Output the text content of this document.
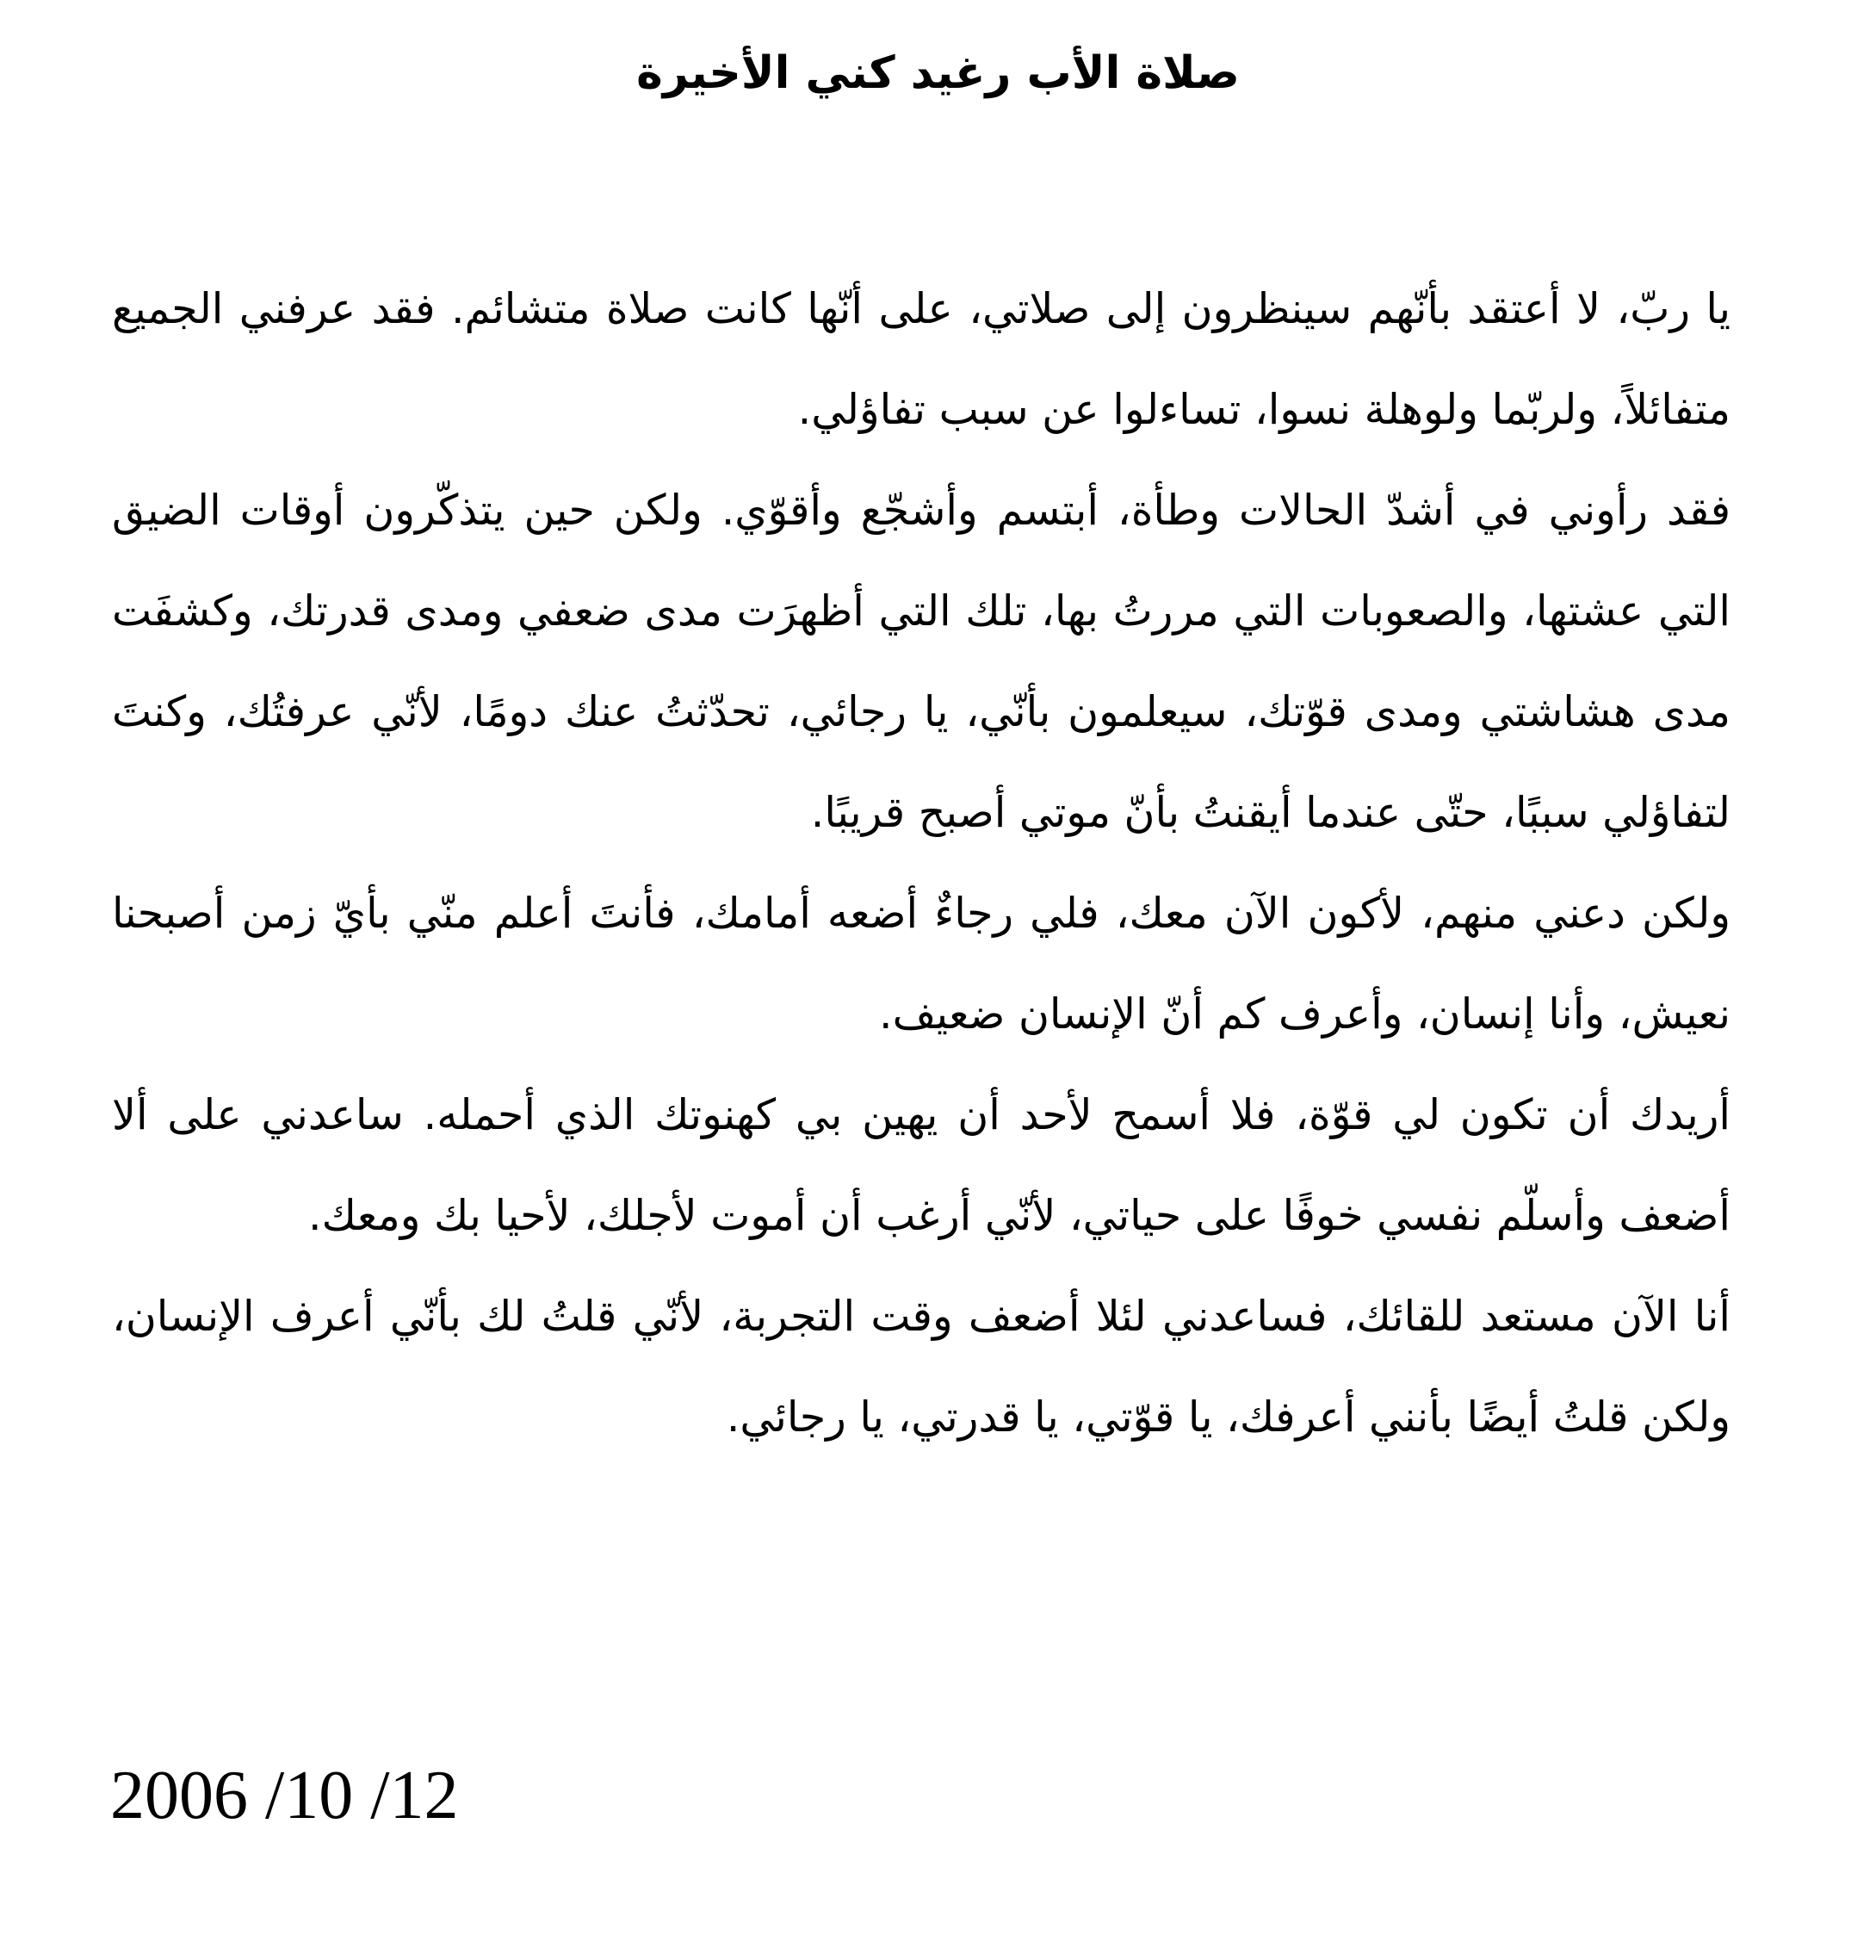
صلاة الأب رغيد كني الأخيرة

يا ربّ، لا أعتقد بأنّهم سينظرون إلى صلاتي، على أنّها كانت صلاة متشائم. فقد عرفني الجميع متفائلاً، ولربّما ولوهلة نسوا، تساءلوا عن سبب تفاؤلي.

فقد رأوني في أشدّ الحالات وطأة، أبتسم وأشجّع وأقوّي. ولكن حين يتذكّرون أوقات الضيق التي عشتها، والصعوبات التي مررتُ بها، تلك التي أظهرَت مدى ضعفي ومدى قدرتك، وكشفَت مدى هشاشتي ومدى قوّتك، سيعلمون بأنّي، يا رجائي، تحدّثتُ عنك دومًا، لأنّي عرفتُك، وكنتَ لتفاؤلي سببًا، حتّى عندما أيقنتُ بأنّ موتي أصبح قريبًا.

ولكن دعني منهم، لأكون الآن معك، فلي رجاءٌ أضعه أمامك، فأنتَ أعلم منّي بأيّ زمن أصبحنا نعيش، وأنا إنسان، وأعرف كم أنّ الإنسان ضعيف.

أريدك أن تكون لي قوّة، فلا أسمح لأحد أن يهين بي كهنوتك الذي أحمله. ساعدني على ألا أضعف وأسلّم نفسي خوفًا على حياتي، لأنّي أرغب أن أموت لأجلك، لأحيا بك ومعك.

أنا الآن مستعد للقائك، فساعدني لئلا أضعف وقت التجربة، لأنّي قلتُ لك بأنّي أعرف الإنسان، ولكن قلتُ أيضًا بأنني أعرفك، يا قوّتي، يا قدرتي، يا رجائي.

2006 /10 /12
